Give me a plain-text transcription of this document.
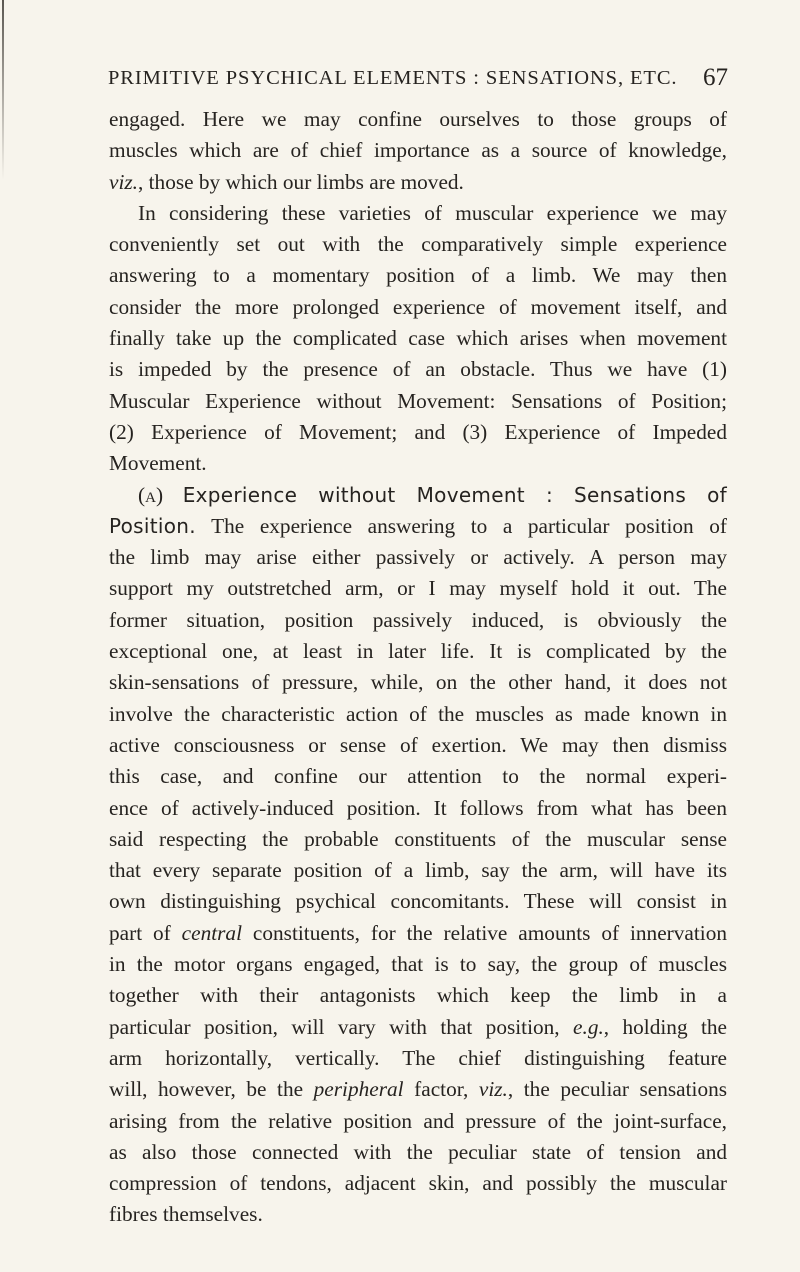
PRIMITIVE PSYCHICAL ELEMENTS : SENSATIONS, ETC. 67
engaged. Here we may confine ourselves to those groups of
muscles which are of chief importance as a source of knowledge,
viz., those by which our limbs are moved.
In considering these varieties of muscular experience we may
conveniently set out with the comparatively simple experience
answering to a momentary position of a limb. We may then
consider the more prolonged experience of movement itself, and
finally take up the complicated case which arises when movement
is impeded by the presence of an obstacle. Thus we have (1)
Muscular Experience without Movement: Sensations of Position;
(2) Experience of Movement; and (3) Experience of Impeded
Movement.
(a) Experience without Movement : Sensations of
Position. The experience answering to a particular position of
the limb may arise either passively or actively. A person may
support my outstretched arm, or I may myself hold it out. The
former situation, position passively induced, is obviously the
exceptional one, at least in later life. It is complicated by the
skin-sensations of pressure, while, on the other hand, it does not
involve the characteristic action of the muscles as made known in
active consciousness or sense of exertion. We may then dismiss
this case, and confine our attention to the normal experi-
ence of actively-induced position. It follows from what has been
said respecting the probable constituents of the muscular sense
that every separate position of a limb, say the arm, will have its
own distinguishing psychical concomitants. These will consist in
part of central constituents, for the relative amounts of innervation
in the motor organs engaged, that is to say, the group of muscles
together with their antagonists which keep the limb in a
particular position, will vary with that position, e.g., holding the
arm horizontally, vertically. The chief distinguishing feature
will, however, be the peripheral factor, viz., the peculiar sensations
arising from the relative position and pressure of the joint-surface,
as also those connected with the peculiar state of tension and
compression of tendons, adjacent skin, and possibly the muscular
fibres themselves.
